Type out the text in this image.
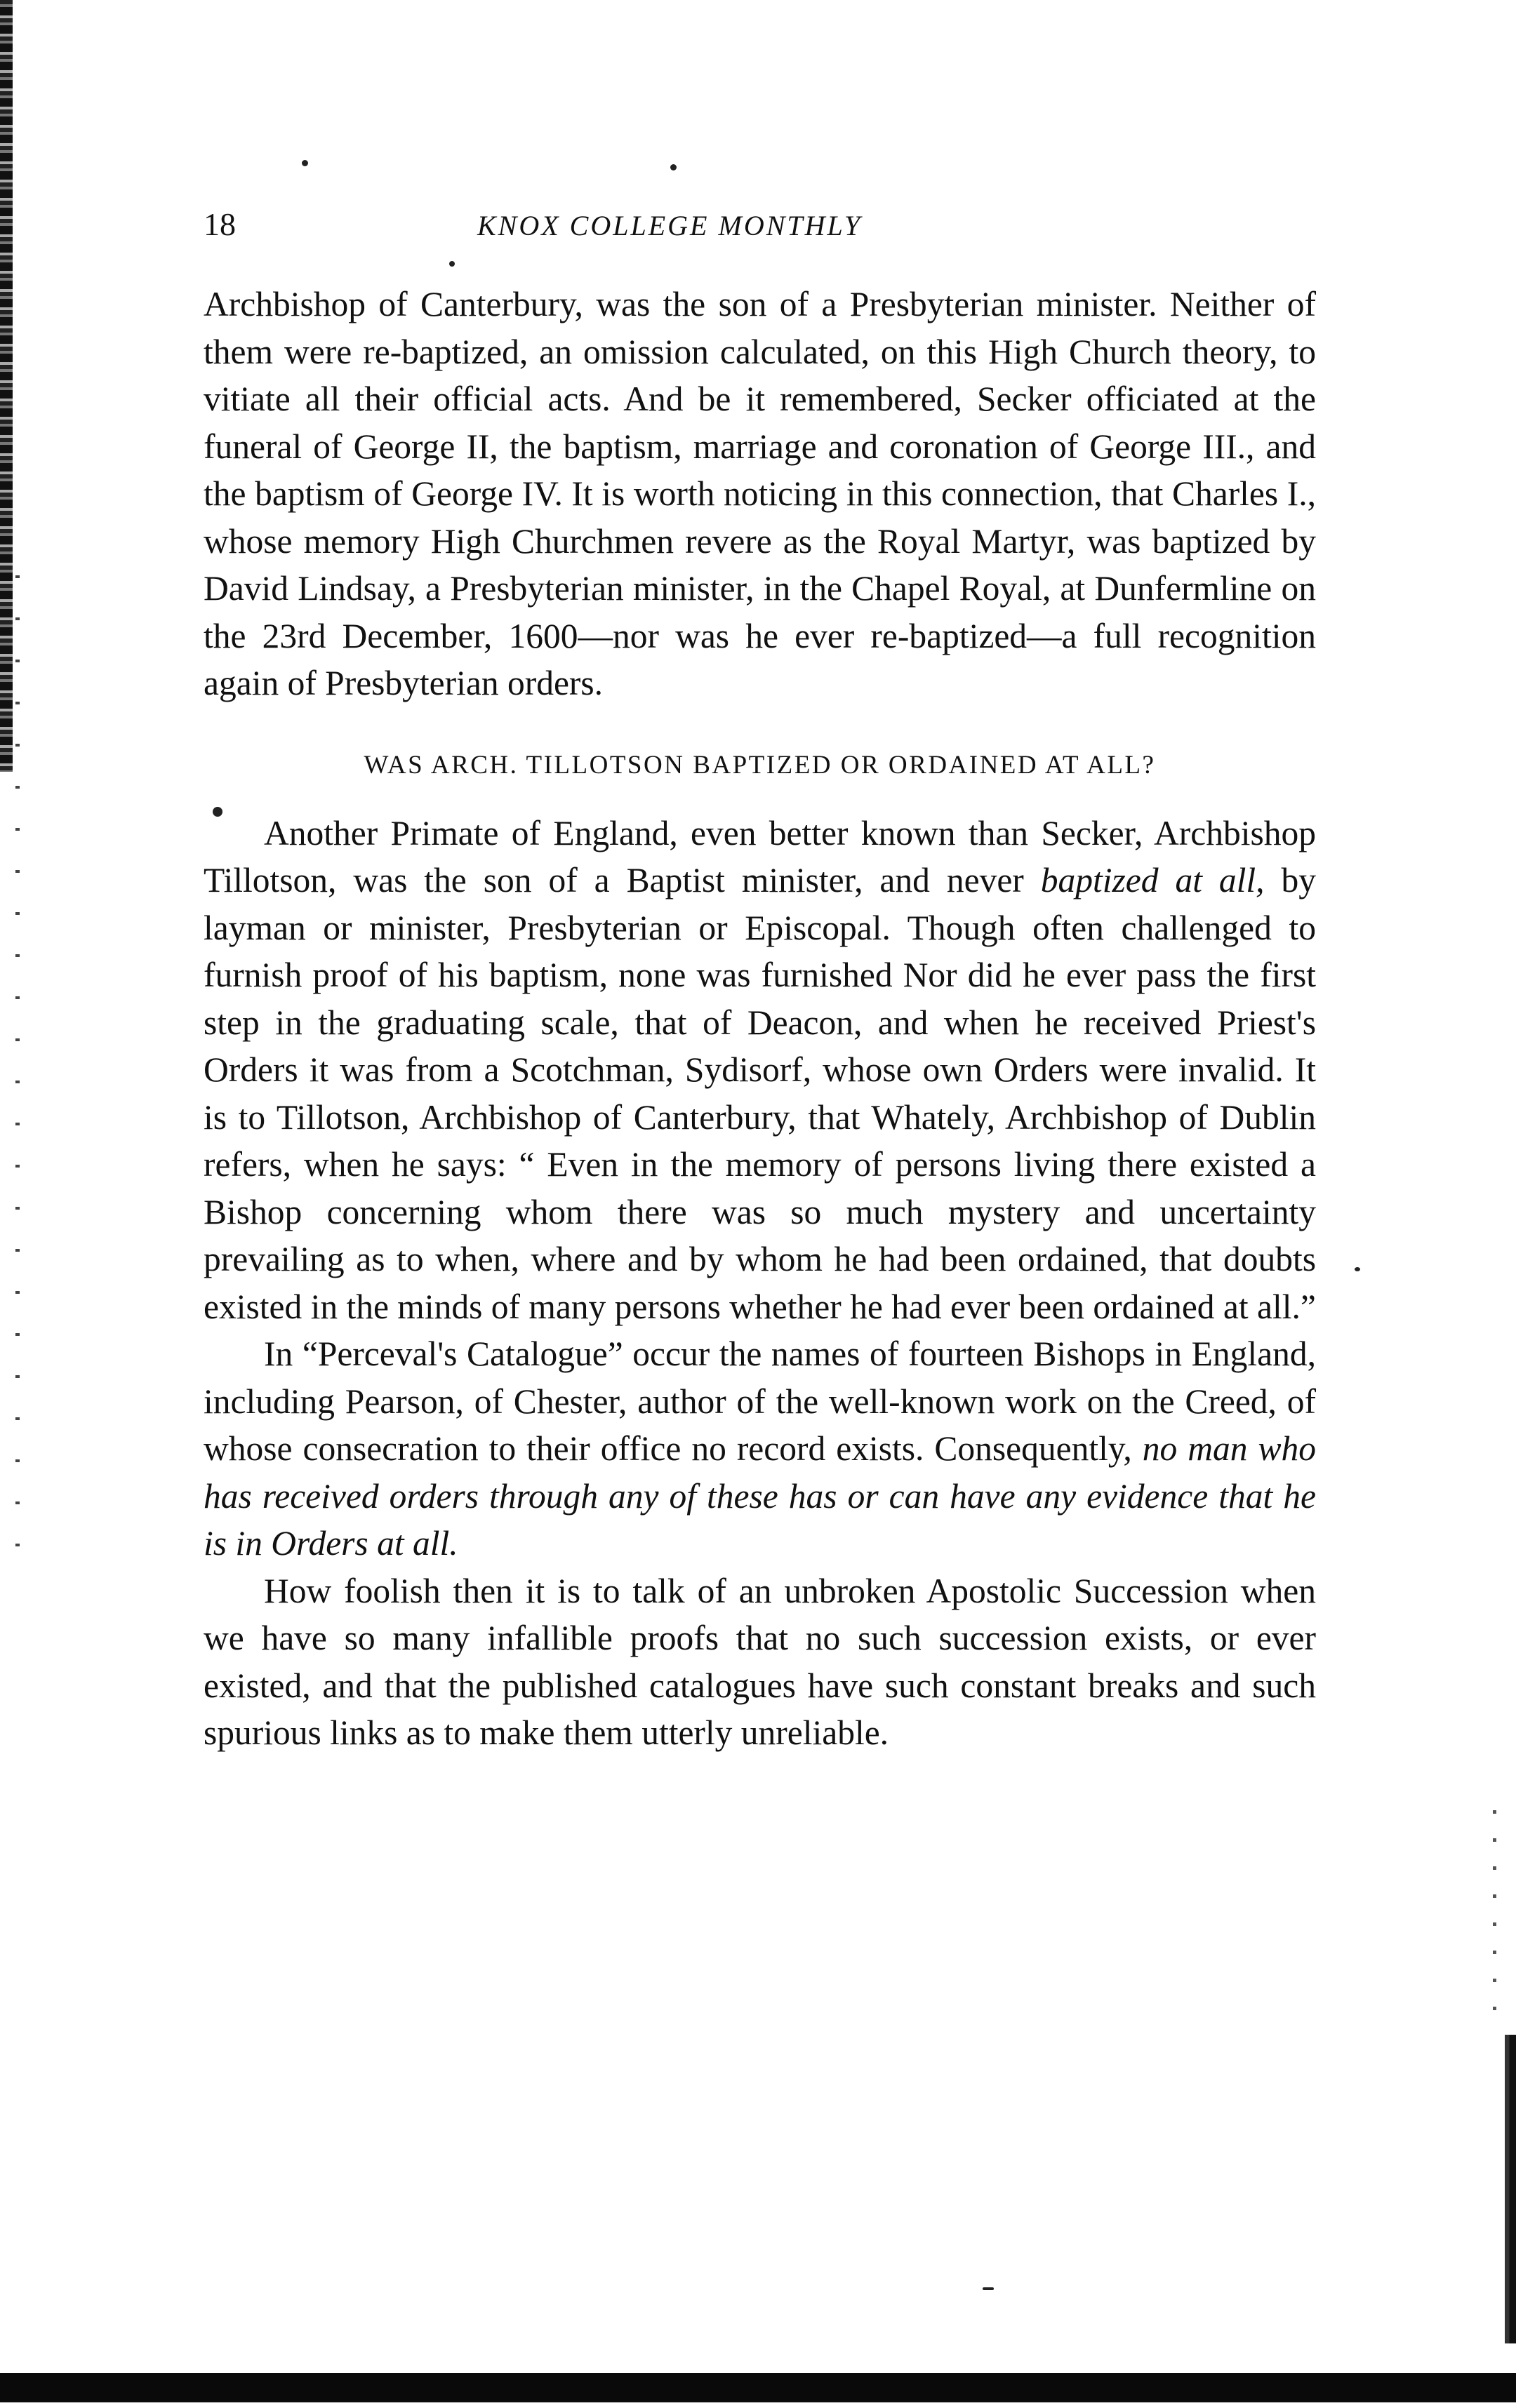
18	KNOX COLLEGE MONTHLY

Archbishop of Canterbury, was the son of a Presbyterian minister. Neither of them were re-baptized, an omission calculated, on this High Church theory, to vitiate all their official acts. And be it remembered, Secker officiated at the funeral of George II, the baptism, marriage and coronation of George III., and the baptism of George IV. It is worth noticing in this connection, that Charles I., whose memory High Churchmen revere as the Royal Martyr, was baptized by David Lindsay, a Presbyterian minister, in the Chapel Royal, at Dunfermline on the 23rd December, 1600—nor was he ever re-baptized—a full recognition again of Presbyterian orders.

WAS ARCH. TILLOTSON BAPTIZED OR ORDAINED AT ALL?

Another Primate of England, even better known than Secker, Archbishop Tillotson, was the son of a Baptist minister, and never baptized at all, by layman or minister, Presbyterian or Episcopal. Though often challenged to furnish proof of his baptism, none was furnished Nor did he ever pass the first step in the graduating scale, that of Deacon, and when he received Priest's Orders it was from a Scotchman, Sydisorf, whose own Orders were invalid. It is to Tillotson, Archbishop of Canterbury, that Whately, Archbishop of Dublin refers, when he says: “ Even in the memory of persons living there existed a Bishop concerning whom there was so much mystery and uncertainty prevailing as to when, where and by whom he had been ordained, that doubts existed in the minds of many persons whether he had ever been ordained at all.”

In “Perceval's Catalogue” occur the names of fourteen Bishops in England, including Pearson, of Chester, author of the well-known work on the Creed, of whose consecration to their office no record exists. Consequently, no man who has received orders through any of these has or can have any evidence that he is in Orders at all.

How foolish then it is to talk of an unbroken Apostolic Succession when we have so many infallible proofs that no such succession exists, or ever existed, and that the published catalogues have such constant breaks and such spurious links as to make them utterly unreliable.
